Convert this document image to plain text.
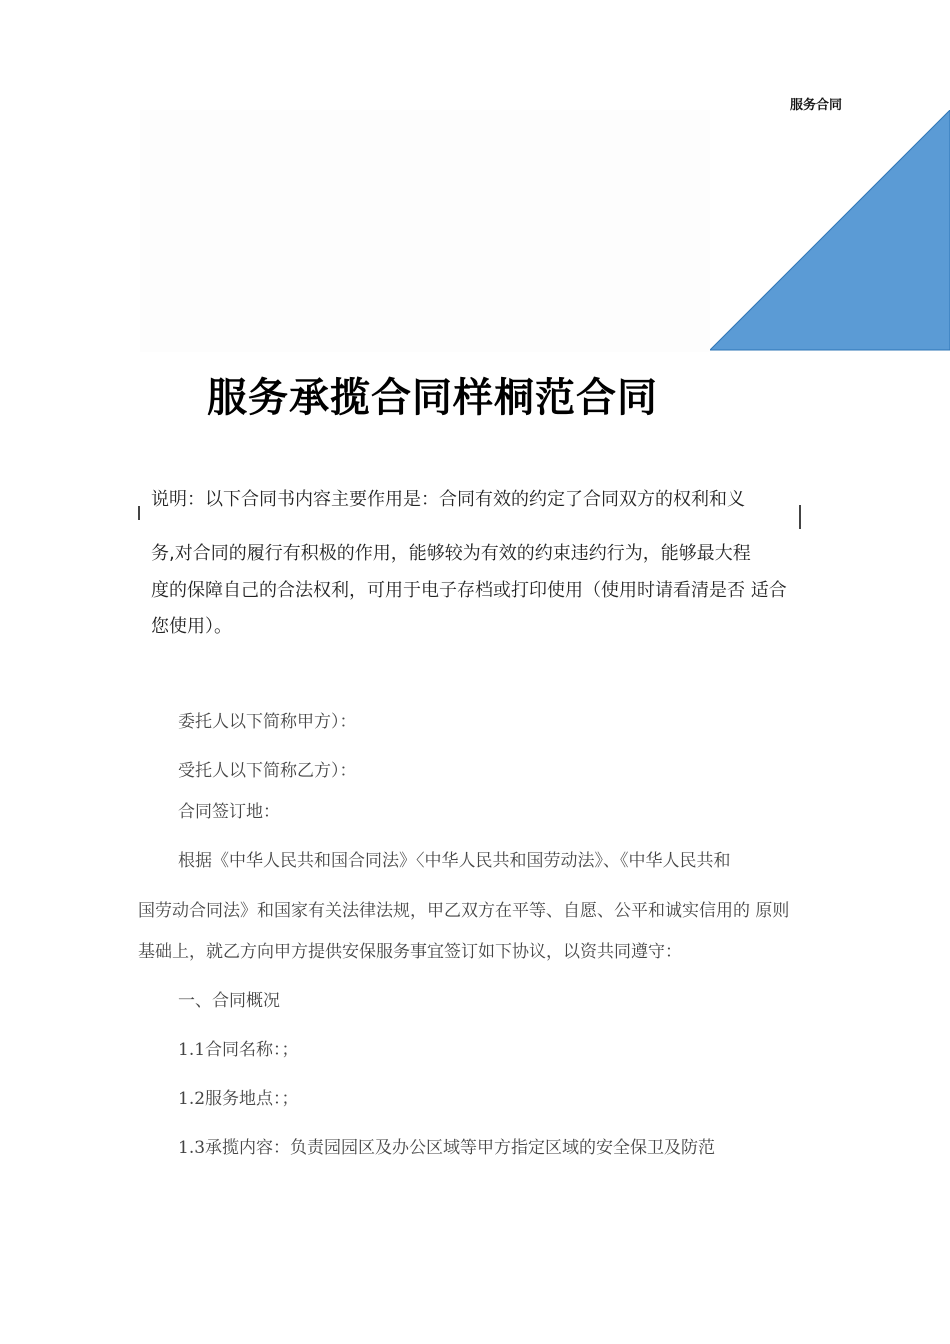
服务合同
服务承揽合同样桐范合同
说明：以下合同书内容主要作用是：合同有效的约定了合同双方的权利和义
务,对合同的履行有积极的作用，能够较为有效的约束违约行为，能够最大程
度的保障自己的合法权利，可用于电子存档或打印使用（使用时请看清是否 适合
您使用）。
委托人以下简称甲方）：
受托人以下简称乙方）：
合同签订地：
根据《中华人民共和国合同法》〈中华人民共和国劳动法》、《中华人民共和
国劳动合同法》和国家有关法律法规，甲乙双方在平等、自愿、公平和诚实信用的 原则
基础上，就乙方向甲方提供安保服务事宜签订如下协议，以资共同遵守：
一、合同概况
1.1合同名称：；
1.2服务地点：；
1.3承揽内容：负责园园区及办公区域等甲方指定区域的安全保卫及防范
